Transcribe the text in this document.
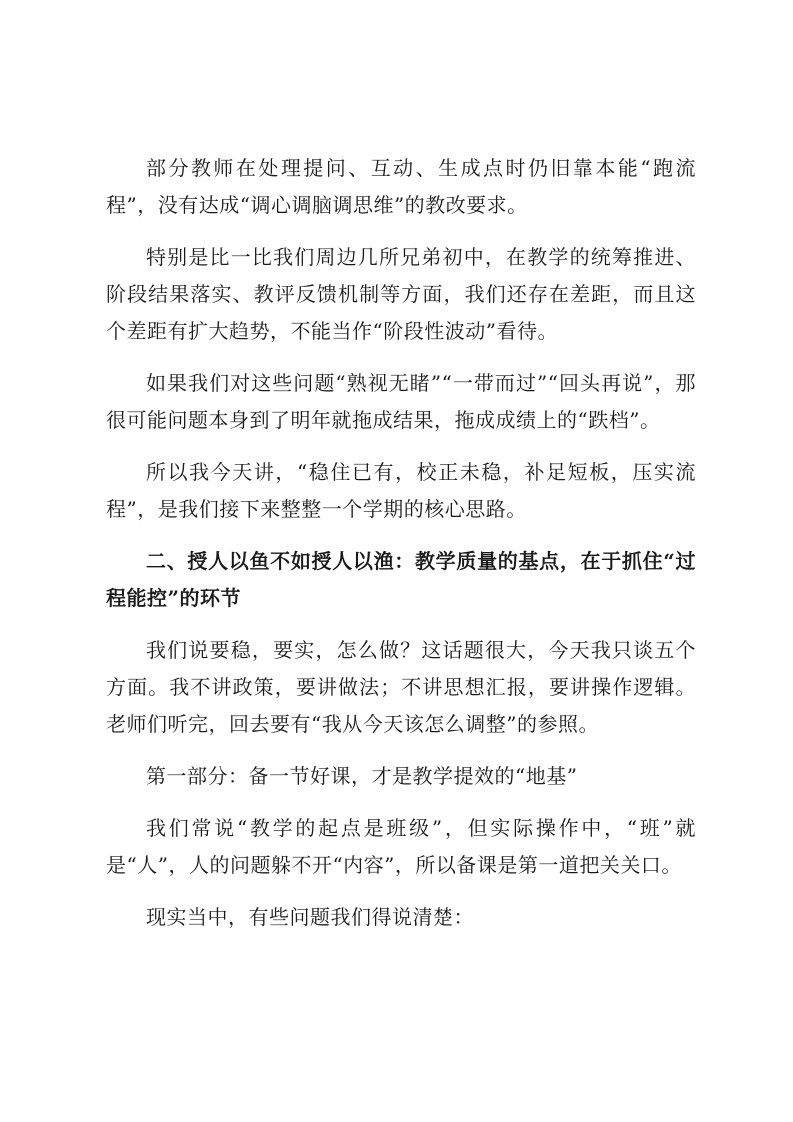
部分教师在处理提问、互动、生成点时仍旧靠本能“跑流程”，没有达成“调心调脑调思维”的教改要求。

特别是比一比我们周边几所兄弟初中，在教学的统筹推进、阶段结果落实、教评反馈机制等方面，我们还存在差距，而且这个差距有扩大趋势，不能当作“阶段性波动”看待。

如果我们对这些问题“熟视无睹”“一带而过”“回头再说”，那很可能问题本身到了明年就拖成结果，拖成成绩上的“跌档”。

所以我今天讲，“稳住已有，校正未稳，补足短板，压实流程”，是我们接下来整整一个学期的核心思路。

二、授人以鱼不如授人以渔：教学质量的基点，在于抓住“过程能控”的环节

我们说要稳，要实，怎么做？这话题很大，今天我只谈五个方面。我不讲政策，要讲做法；不讲思想汇报，要讲操作逻辑。老师们听完，回去要有“我从今天该怎么调整”的参照。

第一部分：备一节好课，才是教学提效的“地基”

我们常说“教学的起点是班级”，但实际操作中，“班”就是“人”，人的问题躲不开“内容”，所以备课是第一道把关关口。

现实当中，有些问题我们得说清楚：
